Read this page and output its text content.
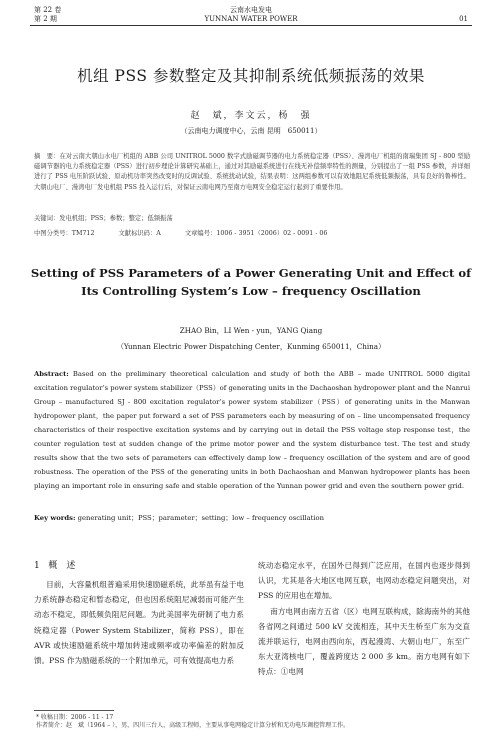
第 22 卷
第 2 期
云南水电发电
YUNNAN WATER POWER	01
机组 PSS 参数整定及其抑制系统低频振荡的效果
赵　斌，李文云，杨　强
（云南电力调度中心，云南 昆明　650011）
摘　要：在对云南大朝山水电厂机组的 ABB 公司 UNITROL 5000 数字式励磁调节器的电力系统稳定器（PSS）、漫湾电厂机组的南瑞集团 SJ - 800 型励磁调节器的电力系统稳定器（PSS）进行初步理论计算研究基础上，通过对其励磁系统进行在线无补偿频率特性的测量，分别提出了一组 PSS 参数，并详细进行了 PSS 电压阶跃试验、原动机功率突然改变时的反调试验、系统扰动试验，结果表明：这两组参数可以有效地阻尼系统低频振荡，具有良好的鲁棒性。大朝山电厂、漫湾电厂发电机组 PSS 投入运行后，对保证云南电网乃至南方电网安全稳定运行起到了重要作用。
关键词：发电机组；PSS；参数；整定；低频振荡
中图分类号：TM712	文献标识码：A	文章编号：1006 - 3951（2006）02 - 0091 - 06
Setting of PSS Parameters of a Power Generating Unit and Effect of
Its Controlling System’s Low – frequency Oscillation
ZHAO Bin，LI Wen - yun，YANG Qiang
（Yunnan Electric Power Dispatching Center，Kunming 650011，China）
Abstract: Based on the preliminary theoretical calculation and study of both the ABB – made UNITROL 5000 digital excitation regulator’s power system stabilizer（PSS）of generating units in the Dachaoshan hydropower plant and the Nanrui Group – manufactured SJ - 800 excitation regulator’s power system stabilizer（PSS）of generating units in the Manwan hydropower plant，the paper put forward a set of PSS parameters each by measuring of on – line uncompensated frequency characteristics of their respective excitation systems and by carrying out in detail the PSS voltage step response test，the counter regulation test at sudden change of the prime motor power and the system disturbance test. The test and study results show that the two sets of parameters can effectively damp low – frequency oscillation of the system and are of good robustness. The operation of the PSS of the generating units in both Dachaoshan and Manwan hydropower plants has been playing an important role in ensuring safe and stable operation of the Yunnan power grid and even the southern power grid.
Key words: generating unit；PSS；parameter；setting；low – frequency oscillation
1 概　述
目前，大容量机组普遍采用快速励磁系统，此举虽有益于电力系统静态稳定和暂态稳定，但也因系统阻尼减弱而可能产生动态不稳定，即低频负阻尼问题。为此美国率先研制了电力系统稳定器（Power System Stabilizer，简称 PSS），即在 AVR 或快速励磁系统中增加转速或频率或功率偏差的附加反馈。PSS 作为励磁系统的一个附加单元，可有效提高电力系

统动态稳定水平，在国外已得到广泛应用，在国内也逐步得到认识，尤其是各大地区电网互联，电网动态稳定问题突出，对 PSS 的应用也在增加。

南方电网由南方五省（区）电网互联构成，除海南外的其他各省网之间通过 500 kV 交流相连，其中天生桥至广东为交直流并联运行，电网由西向东，西起漫湾、大朝山电厂，东至广东大亚湾核电厂，覆盖跨度达 2 000 多 km。南方电网有如下特点：①电网

* 收稿日期：2006 - 11 - 17
作者简介：赵　斌（1964 – ），男，四川三台人，高级工程师，主要从事电网稳定计算分析和无功电压调控管理工作。
